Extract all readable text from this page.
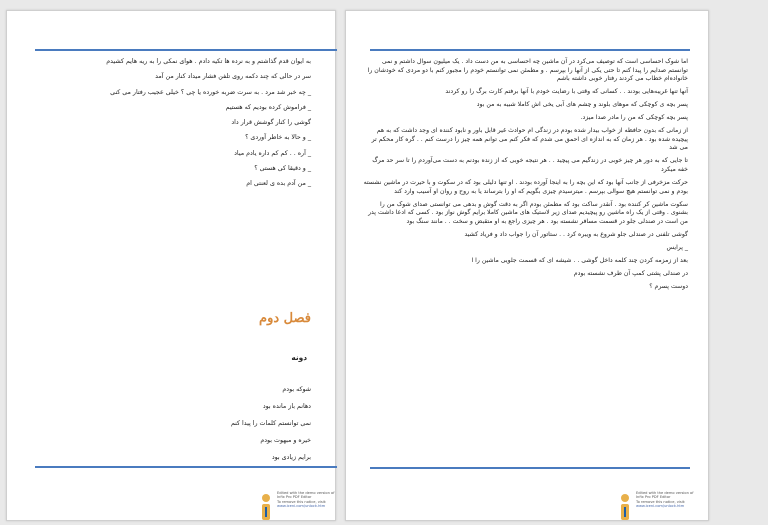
به ایوان قدم گذاشتم و به نرده ها تکیه دادم . هوای نمکی را به ریه هایم کشیدم

سر در حالی که چند دکمه روی تلفن فشار میداد کنار من آمد

_ چه خبر شد مرد . به سرت ضربه خورده یا چی ؟ خیلی عجیب رفتار می کنی

_ فراموش کرده بودیم که هستیم

گوشی را کنار گوشش قرار داد

_ و حالا به خاطر آوردی ؟

_ آره . . کم کم داره یادم میاد

_ و دقیقا کی هستی ؟

_ من آدم بده ی لعنتی ام

فصل دوم
دونه

شوکه بودم

دهانم باز مانده بود

نمی توانستم کلمات را پیدا کنم

خیره و مبهوت بودم

برایم زیادی بود

Edited with the demo version of
Infix Pro PDF Editor
To remove this notice, visit:
www.iceni.com/unlock.htm

اما شوک احساسی است که توصیف می‌کرد در آن ماشین چه احساسی به من دست داد . یک میلیون سوال داشتم و نمی توانستم صدایم را پیدا کنم تا حتی یکی از آنها را بپرسم . و مطمئن نمی توانستم خودم را مجبور کنم با دو مردی که خودشان را خانواده‌ام خطاب می کردند رفتار خوبی داشته باشم

آنها تنها غریبه‌هایی بودند . . کسانی که وقتی با رضایت خودم با آنها برفتم کارت برگ را رو کردند

پسر بچه ی کوچکی که موهای بلوند و چشم های آبی یخی اش کاملا شبیه به من بود

پسر بچه کوچکی که من را مادر صدا میزد.

از زمانی که بدون حافظه از خواب بیدار شده بودم در زندگی ام حوادث غیر قابل باور و نابود کننده ای وجد داشت که به هم پیچیده شده بود . هر زمان که به اندازه ای احمق می شدم که فکر کنم می توانم همه چیز را درست کنم . . گره کار محکم تر می شد

تا جایی که به دور هر چیز خوبی در زندگیم می پیچید . . هر نتیجه خوبی که از زنده بودنم به دست می‌آوردم را تا سر حد مرگ خفه میکرد

حرکت مزخرفی از جانب آنها بود که این بچه را به اینجا آورده بودند . او تنها دلیلی بود که در سکوت و با حیرت در ماشین نشسته بودم و نمی توانستم هیچ سوالی بپرسم . میترسیدم چیزی بگویم که او را بترساند یا به روح و روان او آسیب وارد کند

سکوت ماشین کر کننده بود . آنقدر ساکت بود که مطمئن بودم اگر به دقت گوش و بدهی می توانستی صدای شوک من را بشنوی . وقتی از یک راه ماشین رو پیچیدیم صدای زیر لاستیک های ماشین کاملا برایم گوش نواز بود . کسی که ادعا داشت پدر من است در صندلی جلو در قسمت مسافر نشسته بود . هر چیزی راجع به او متقبض و سخت . . مانند سنگ بود

گوشی تلفنی در صندلی جلو شروع به ویبره کرد . . ستاتور آن را جواب داد و فریاد کشید

_ پرایس

بعد از زمزمه کردن چند کلمه داخل گوشی . . شیشه ای که قسمت جلویی ماشین را ا

در صندلی پشتی کمپ آن طرف نشسته بودم

دوست پسرم ؟

Edited with the demo version of
Infix Pro PDF Editor
To remove this notice, visit:
www.iceni.com/unlock.htm
